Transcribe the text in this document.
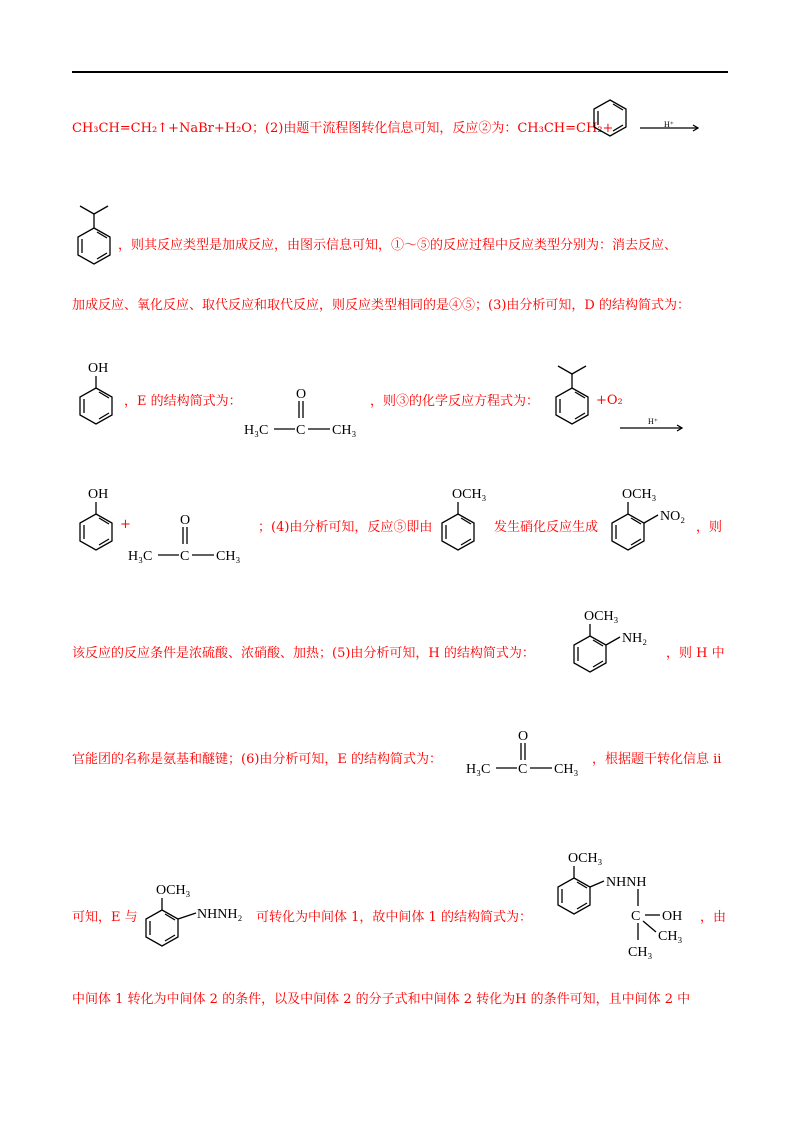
CH₃CH=CH₂↑+NaBr+H₂O；(2)由题干流程图转化信息可知，反应②为：CH₃CH=CH₂+	H⁺
，则其反应类型是加成反应，由图示信息可知，①～⑤的反应过程中反应类型分别为：消去反应、
加成反应、氧化反应、取代反应和取代反应，则反应类型相同的是④⑤；(3)由分析可知，D 的结构简式为：
OH
，E 的结构简式为：	O
H₃C C CH₃
，则③的化学反应方程式为：	+O₂
H⁺
OH
+	O
H₃C C CH₃
；(4)由分析可知，反应⑤即由
OCH₃
发生硝化反应生成
OCH₃
NO₂
，则
该反应的反应条件是浓硫酸、浓硝酸、加热；(5)由分析可知，H 的结构简式为：
OCH₃
NH₂
，则 H 中
官能团的名称是氨基和醚键；(6)由分析可知，E 的结构简式为：
O
H₃C C CH₃
，根据题干转化信息 ii
可知，E 与
OCH₃
NHNH₂ 可转化为中间体 1，故中间体 1 的结构简式为：
OCH₃
NHNH
C OH
CH₃
CH₃
，由
中间体 1 转化为中间体 2 的条件，以及中间体 2 的分子式和中间体 2 转化为H 的条件可知，且中间体 2 中
